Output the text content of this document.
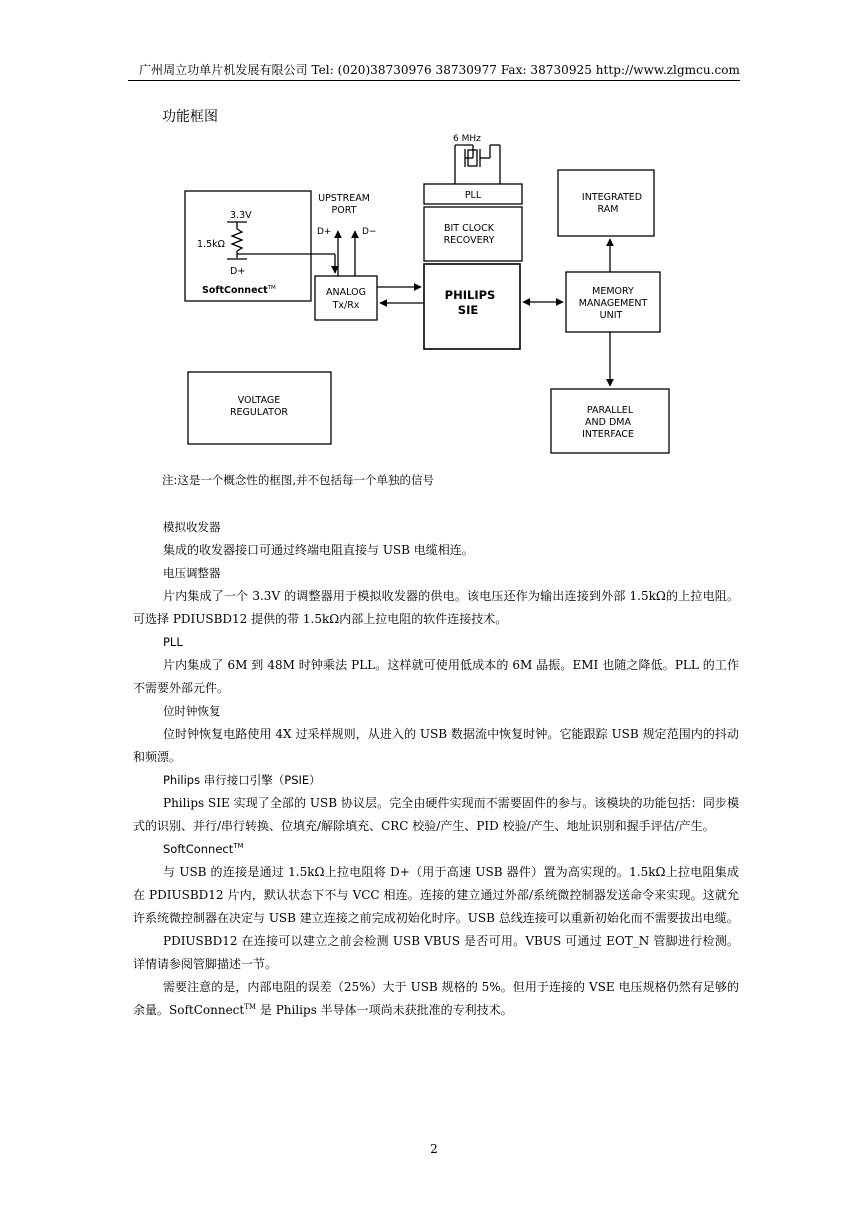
广州周立功单片机发展有限公司 Tel: (020)38730976 38730977 Fax: 38730925 http://www.zlgmcu.com
功能框图
6 MHz
PLL
BIT CLOCK
RECOVERY
PHILIPS
SIE
INTEGRATED
RAM
MEMORY
MANAGEMENT
UNIT
PARALLEL
AND DMA
INTERFACE
VOLTAGE
REGULATOR
ANALOG
Tx/Rx
UPSTREAM
PORT
D+	D−
3.3V
1.5kΩ
D+
SoftConnect™
注:这是一个概念性的框图,并不包括每一个单独的信号
模拟收发器
集成的收发器接口可通过终端电阻直接与 USB 电缆相连。
电压调整器
片内集成了一个 3.3V 的调整器用于模拟收发器的供电。该电压还作为输出连接到外部 1.5kΩ的上拉电阻。可选择 PDIUSBD12 提供的带 1.5kΩ内部上拉电阻的软件连接技术。
PLL
片内集成了 6M 到 48M 时钟乘法 PLL。这样就可使用低成本的 6M 晶振。EMI 也随之降低。PLL 的工作不需要外部元件。
位时钟恢复
位时钟恢复电路使用 4X 过采样规则，从进入的 USB 数据流中恢复时钟。它能跟踪 USB 规定范围内的抖动和频漂。
Philips 串行接口引擎（PSIE）
Philips SIE 实现了全部的 USB 协议层。完全由硬件实现而不需要固件的参与。该模块的功能包括：同步模式的识别、并行/串行转换、位填充/解除填充、CRC 校验/产生、PID 校验/产生、地址识别和握手评估/产生。
SoftConnect™
与 USB 的连接是通过 1.5kΩ上拉电阻将 D+（用于高速 USB 器件）置为高实现的。1.5kΩ上拉电阻集成在 PDIUSBD12 片内，默认状态下不与 VCC 相连。连接的建立通过外部/系统微控制器发送命令来实现。这就允许系统微控制器在决定与 USB 建立连接之前完成初始化时序。USB 总线连接可以重新初始化而不需要拔出电缆。
PDIUSBD12 在连接可以建立之前会检测 USB VBUS 是否可用。VBUS 可通过 EOT_N 管脚进行检测。详情请参阅管脚描述一节。
需要注意的是，内部电阻的误差（25%）大于 USB 规格的 5%。但用于连接的 VSE 电压规格仍然有足够的余量。SoftConnect™ 是 Philips 半导体一项尚未获批准的专利技术。
2
